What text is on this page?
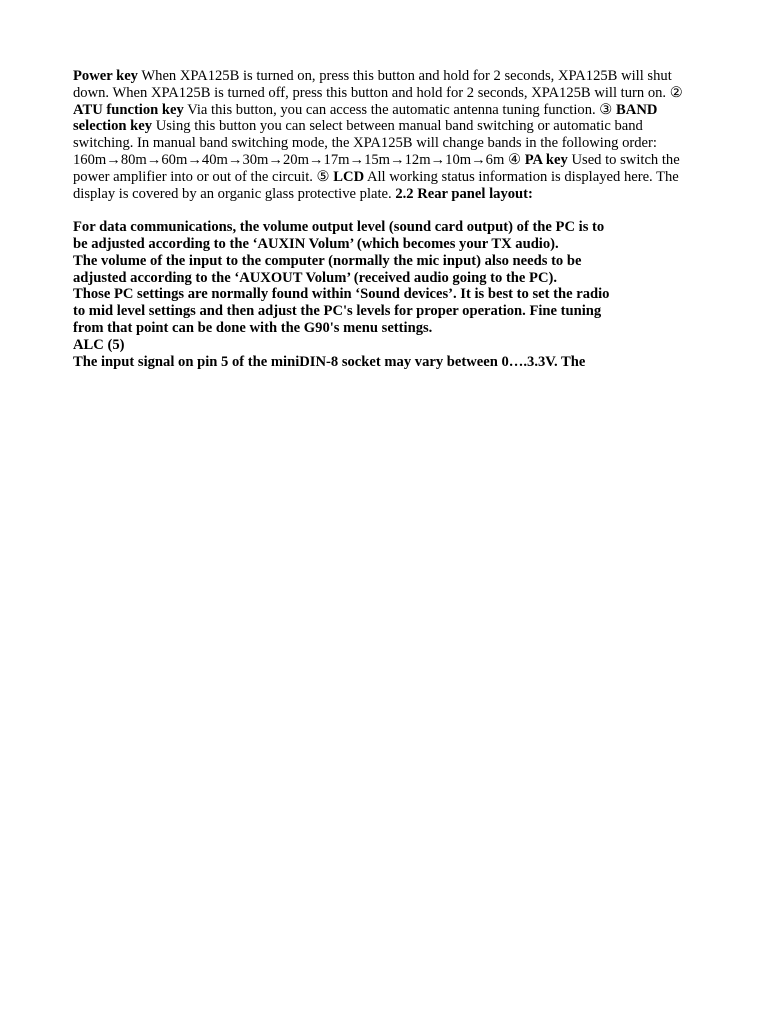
Power key When XPA125B is turned on, press this button and hold for 2 seconds, XPA125B will shut down. When XPA125B is turned off, press this button and hold for 2 seconds, XPA125B will turn on. ② ATU function key Via this button, you can access the automatic antenna tuning function. ③ BAND selection key Using this button you can select between manual band switching or automatic band switching. In manual band switching mode, the XPA125B will change bands in the following order: 160m→80m→60m→40m→30m→20m→17m→15m→12m→10m→6m ④ PA key Used to switch the power amplifier into or out of the circuit. ⑤ LCD All working status information is displayed here. The display is covered by an organic glass protective plate. 2.2 Rear panel layout:

For data communications, the volume output level (sound card output) of the PC is to
be adjusted according to the ‘AUXIN Volum’ (which becomes your TX audio).
The volume of the input to the computer (normally the mic input) also needs to be
adjusted according to the ‘AUXOUT Volum’ (received audio going to the PC).
Those PC settings are normally found within ‘Sound devices’. It is best to set the radio
to mid level settings and then adjust the PC's levels for proper operation. Fine tuning
from that point can be done with the G90's menu settings.
ALC (5)
The input signal on pin 5 of the miniDIN-8 socket may vary between 0….3.3V. The
